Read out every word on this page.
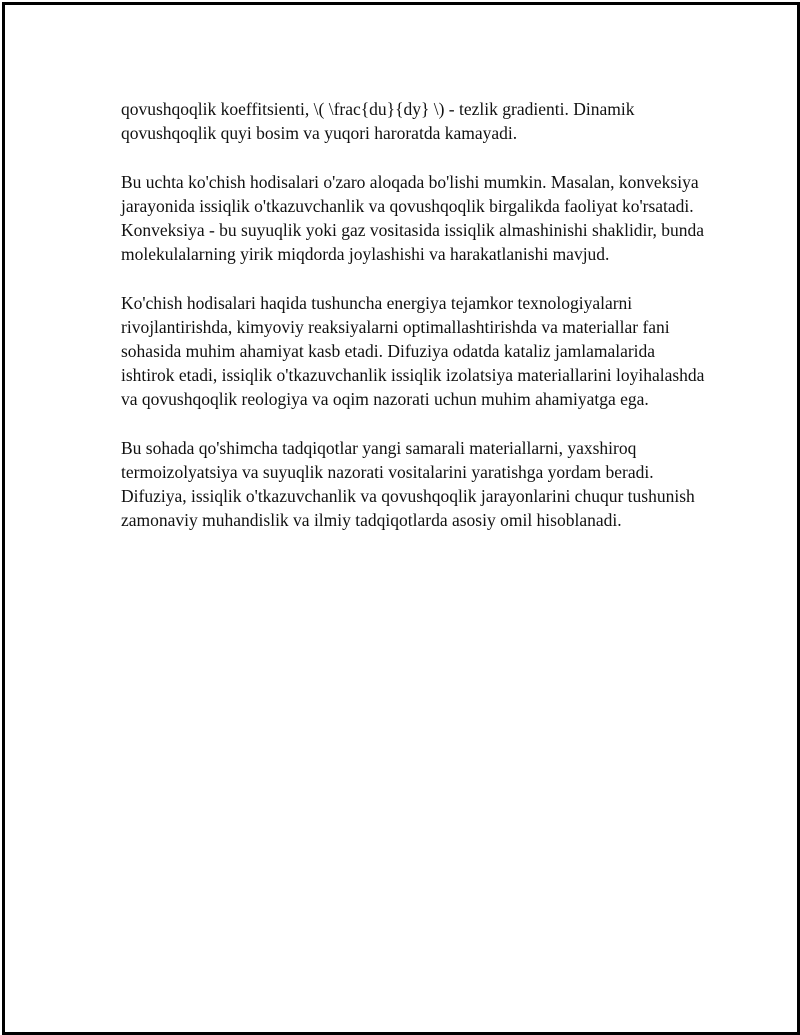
qovushqoqlik koeffitsienti, \( \frac{du}{dy} \) - tezlik gradienti. Dinamik qovushqoqlik quyi bosim va yuqori haroratda kamayadi.

Bu uchta ko'chish hodisalari o'zaro aloqada bo'lishi mumkin. Masalan, konveksiya jarayonida issiqlik o'tkazuvchanlik va qovushqoqlik birgalikda faoliyat ko'rsatadi. Konveksiya - bu suyuqlik yoki gaz vositasida issiqlik almashinishi shaklidir, bunda molekulalarning yirik miqdorda joylashishi va harakatlanishi mavjud.

Ko'chish hodisalari haqida tushuncha energiya tejamkor texnologiyalarni rivojlantirishda, kimyoviy reaksiyalarni optimallashtirishda va materiallar fani sohasida muhim ahamiyat kasb etadi. Difuziya odatda kataliz jamlamalarida ishtirok etadi, issiqlik o'tkazuvchanlik issiqlik izolatsiya materiallarini loyihalashda va qovushqoqlik reologiya va oqim nazorati uchun muhim ahamiyatga ega.

Bu sohada qo'shimcha tadqiqotlar yangi samarali materiallarni, yaxshiroq termoizolyatsiya va suyuqlik nazorati vositalarini yaratishga yordam beradi. Difuziya, issiqlik o'tkazuvchanlik va qovushqoqlik jarayonlarini chuqur tushunish zamonaviy muhandislik va ilmiy tadqiqotlarda asosiy omil hisoblanadi.
